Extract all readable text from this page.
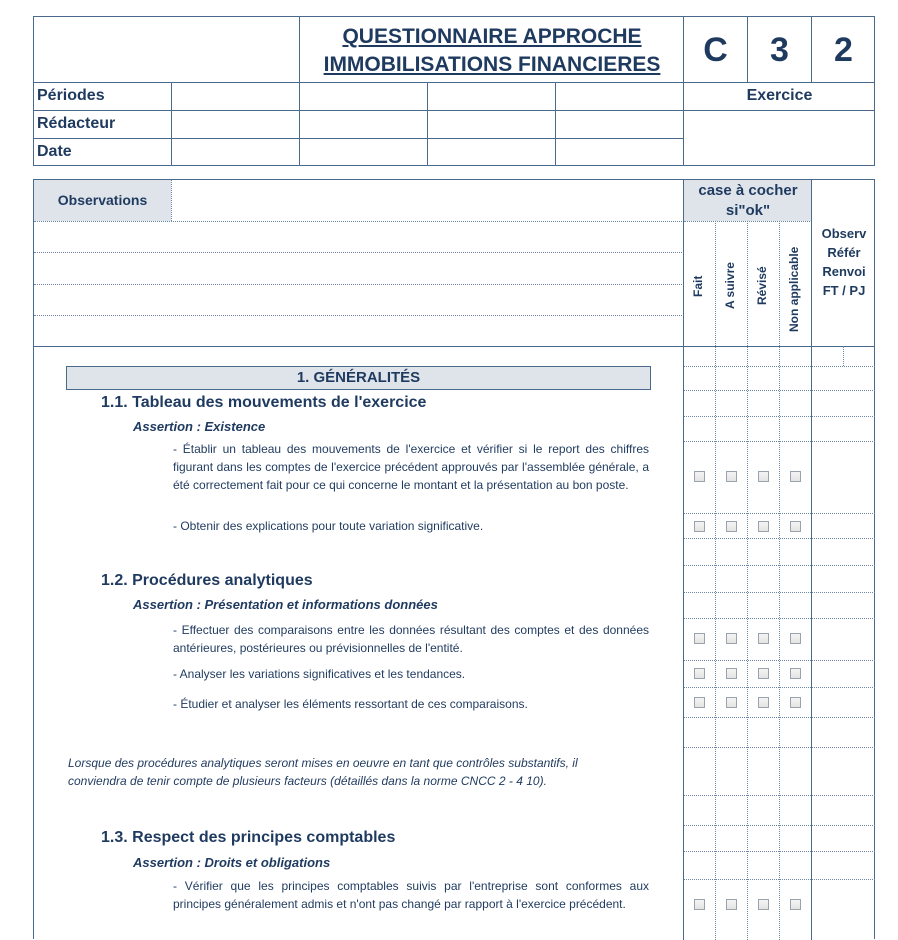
QUESTIONNAIRE APPROCHE
IMMOBILISATIONS FINANCIERES	C	3	2
Périodes
Rédacteur
Date
Exercice
Observations
case à cocher
si"ok"
Fait A suivre Révisé Non applicable
Observ
Référ
Renvoi
FT / PJ
1. GÉNÉRALITÉS
1.1. Tableau des mouvements de l'exercice
Assertion : Existence
- Établir un tableau des mouvements de l'exercice et vérifier si le report des chiffres figurant dans les comptes de l'exercice précédent approuvés par l'assemblée générale, a été correctement fait pour ce qui concerne le montant et la présentation au bon poste.
- Obtenir des explications pour toute variation significative.
1.2. Procédures analytiques
Assertion : Présentation et informations données
- Effectuer des comparaisons entre les données résultant des comptes et des données antérieures, postérieures ou prévisionnelles de l'entité.
- Analyser les variations significatives et les tendances.
- Étudier et analyser les éléments ressortant de ces comparaisons.
Lorsque des procédures analytiques seront mises en oeuvre en tant que contrôles substantifs, il conviendra de tenir compte de plusieurs facteurs (détaillés dans la norme CNCC 2 - 4 10).
1.3. Respect des principes comptables
Assertion : Droits et obligations
- Vérifier que les principes comptables suivis par l'entreprise sont conformes aux principes généralement admis et n'ont pas changé par rapport à l'exercice précédent.
